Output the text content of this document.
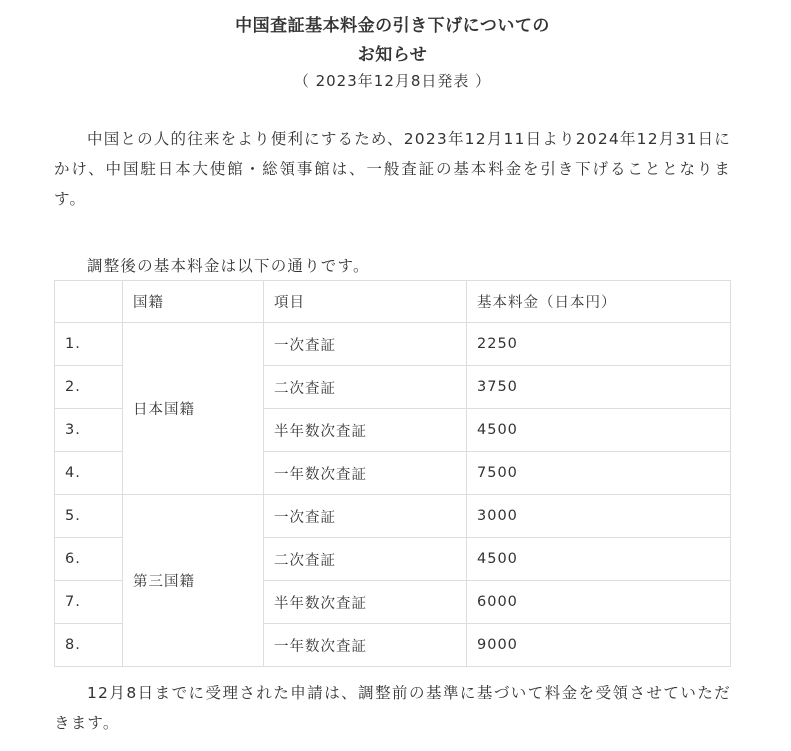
中国査証基本料金の引き下げについての
お知らせ
（ 2023年12月8日発表 ）

中国との人的往来をより便利にするため、2023年12月11日より2024年12月31日にかけ、中国駐日本大使館・総領事館は、一般査証の基本料金を引き下げることとなります。

調整後の基本料金は以下の通りです。

	国籍	項目	基本料金（日本円）
1.	日本国籍	一次査証	2250
2.		二次査証	3750
3.		半年数次査証	4500
4.		一年数次査証	7500
5.	第三国籍	一次査証	3000
6.		二次査証	4500
7.		半年数次査証	6000
8.		一年数次査証	9000

12月8日までに受理された申請は、調整前の基準に基づいて料金を受領させていただきます。
